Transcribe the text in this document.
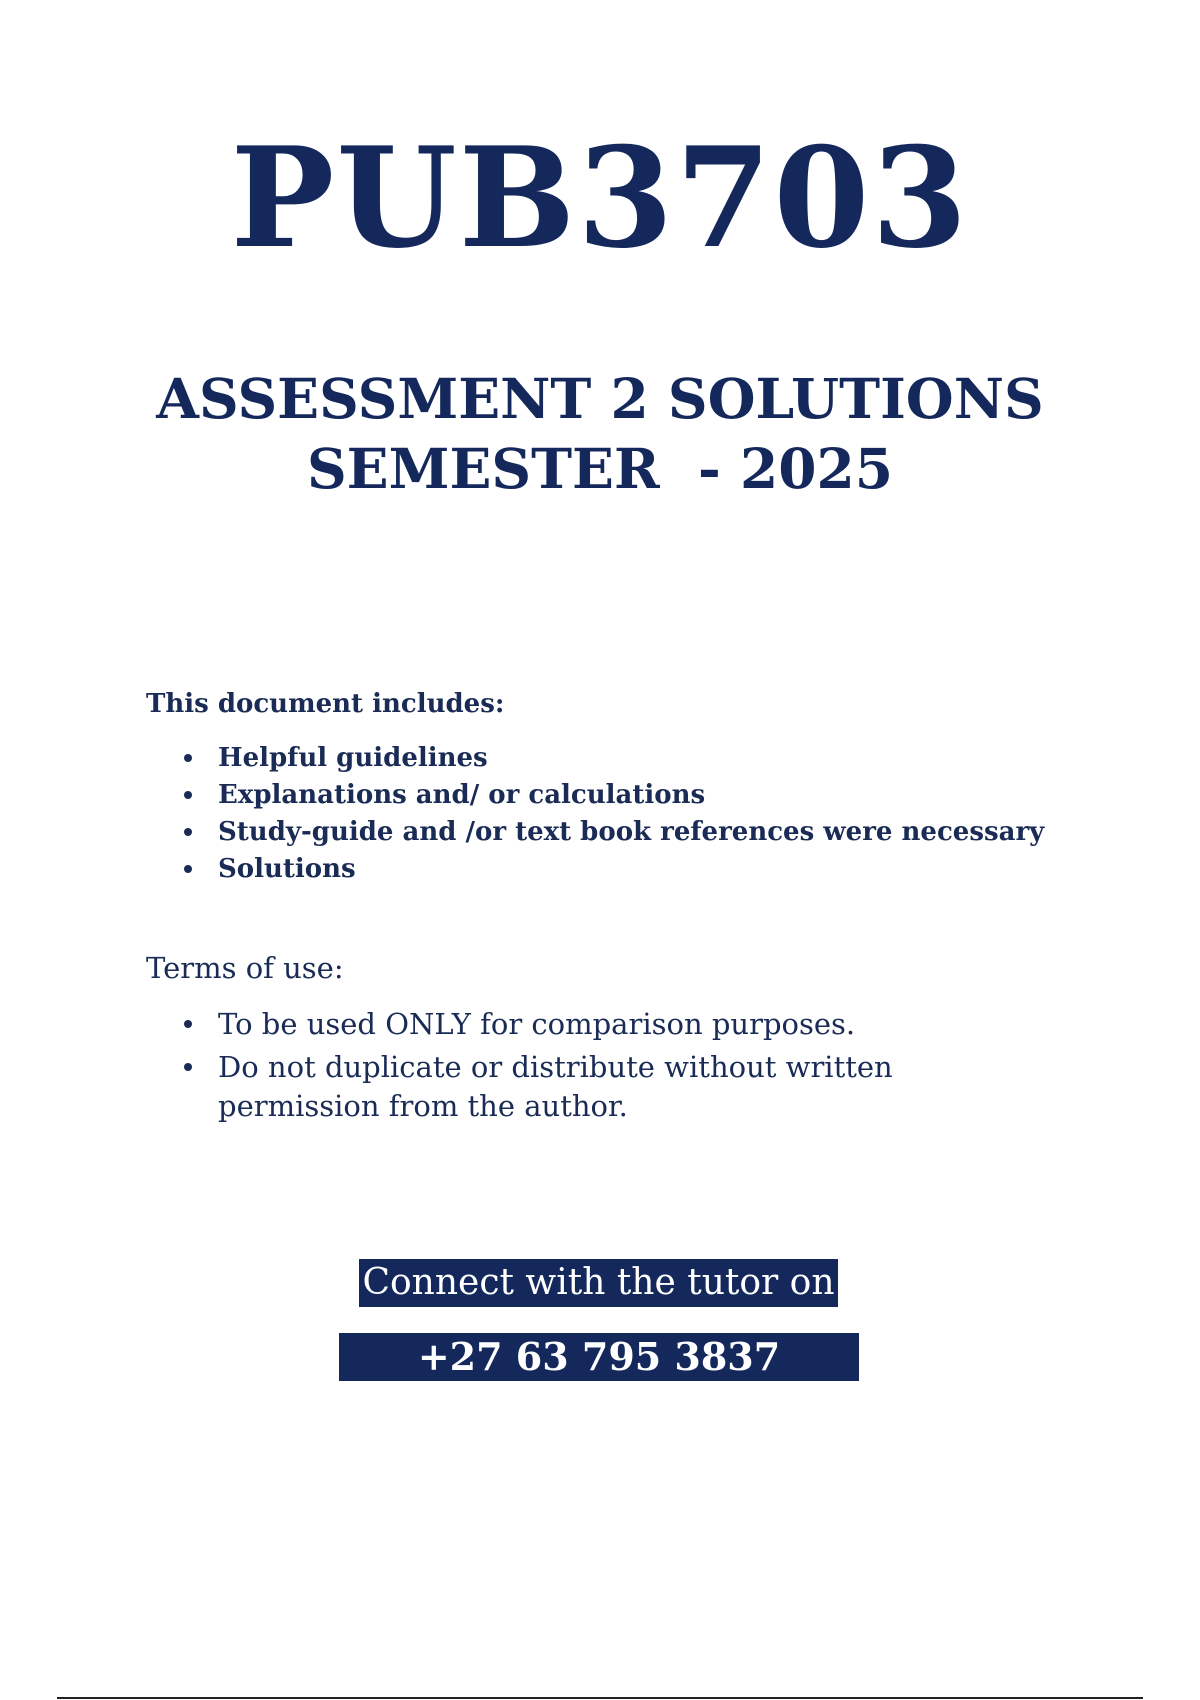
PUB3703
ASSESSMENT 2 SOLUTIONS
SEMESTER  - 2025
This document includes:
Helpful guidelines
Explanations and/ or calculations
Study-guide and /or text book references were necessary
Solutions
Terms of use:
To be used ONLY for comparison purposes.
Do not duplicate or distribute without written permission from the author.
Connect with the tutor on
+27 63 795 3837
